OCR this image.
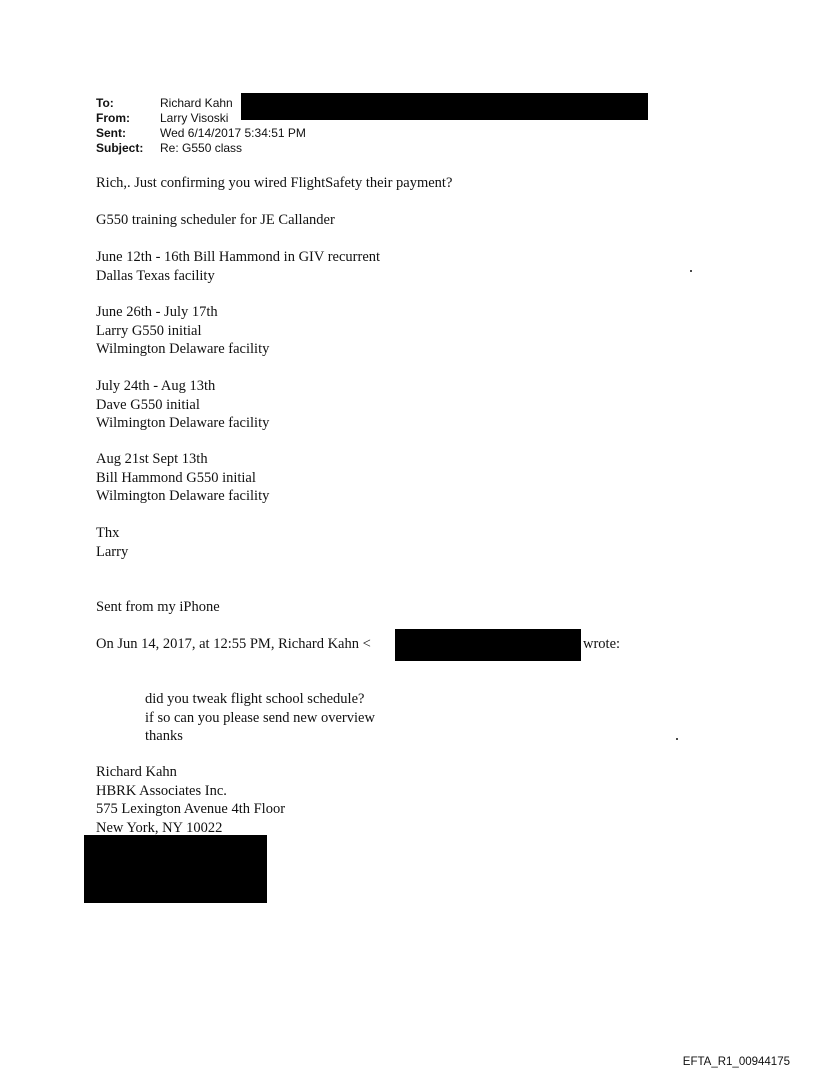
To:	Richard Kahn
From:	Larry Visoski
Sent:	Wed 6/14/2017 5:34:51 PM
Subject:	Re: G550 class
Rich,. Just confirming you wired FlightSafety their payment?
G550 training scheduler for JE Callander
June 12th - 16th Bill Hammond in GIV recurrent
Dallas Texas facility
June 26th - July 17th
Larry G550 initial
Wilmington Delaware facility
July 24th - Aug 13th
Dave G550 initial
Wilmington Delaware facility
Aug 21st Sept 13th
Bill Hammond G550 initial
Wilmington Delaware facility
Thx
Larry
Sent from my iPhone
On Jun 14, 2017, at 12:55 PM, Richard Kahn <	wrote:
did you tweak flight school schedule?
if so can you please send new overview
thanks
Richard Kahn
HBRK Associates Inc.
575 Lexington Avenue 4th Floor
New York, NY 10022
EFTA_R1_00944175
